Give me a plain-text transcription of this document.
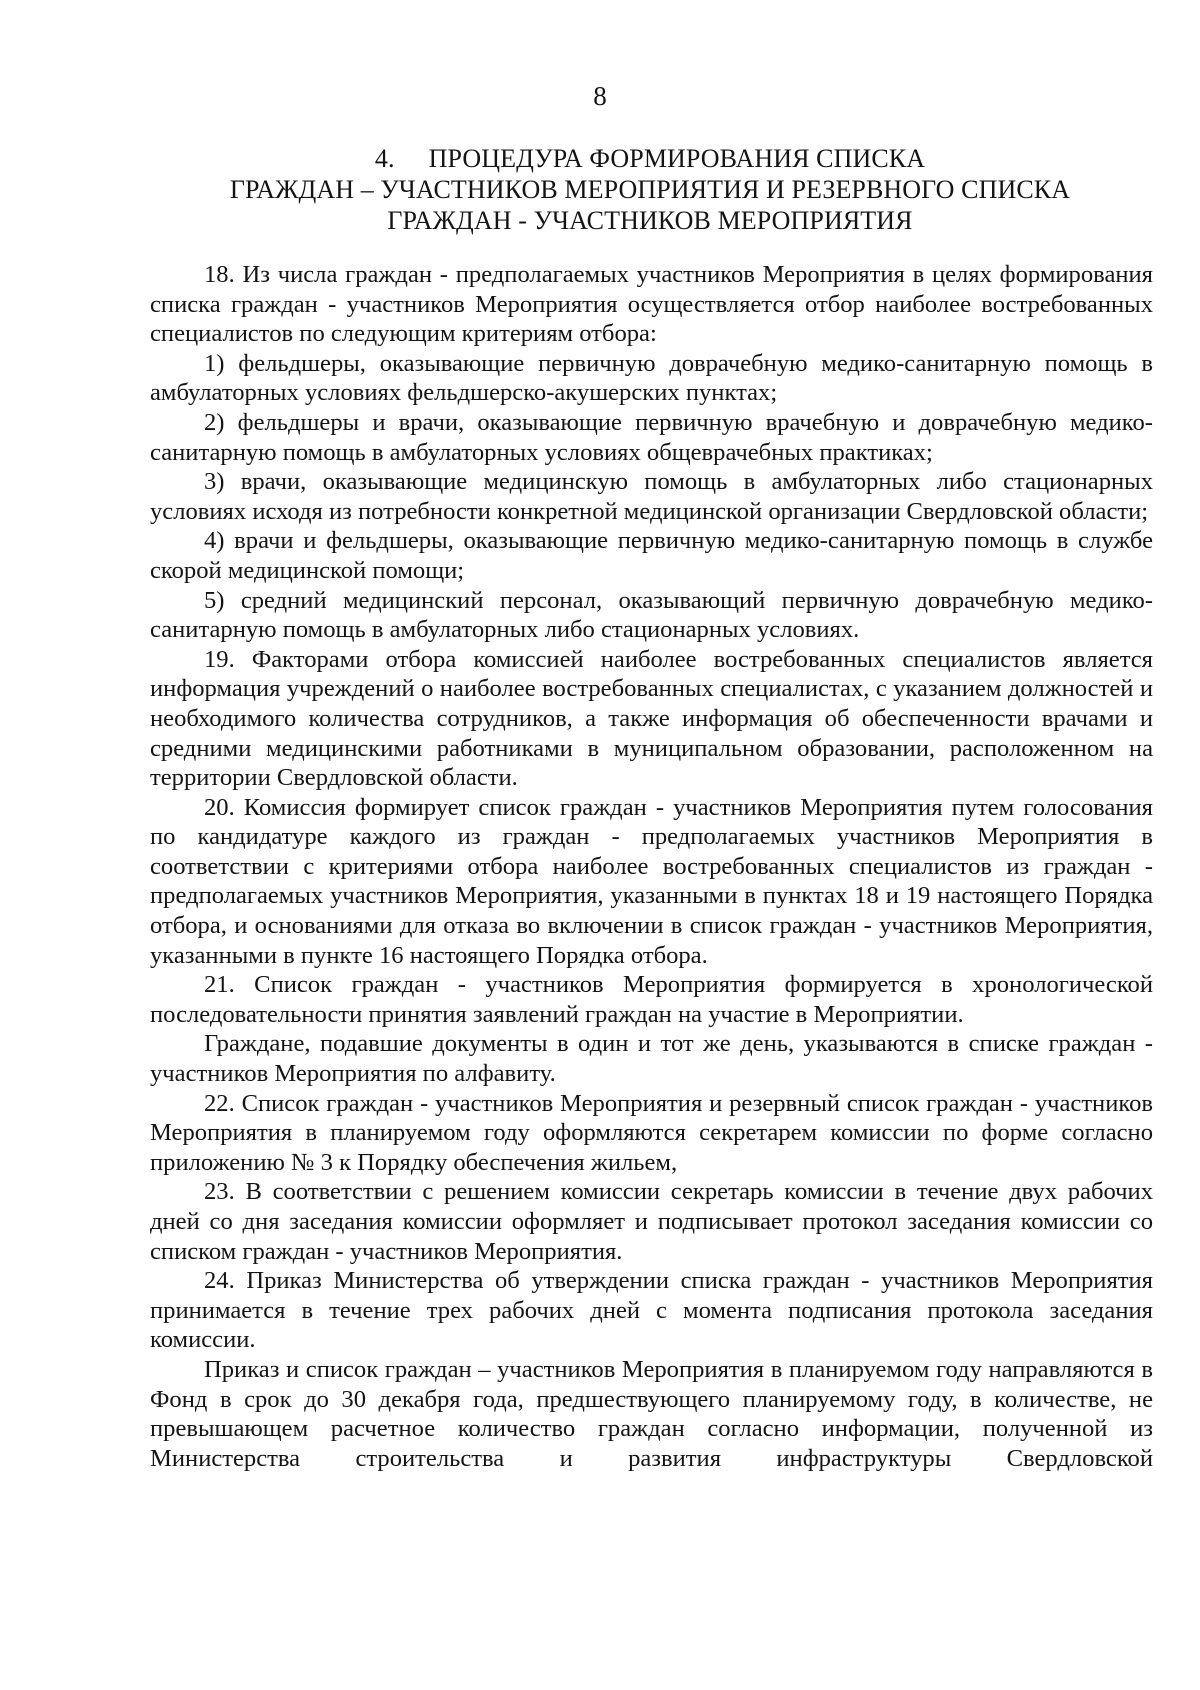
8
4. ПРОЦЕДУРА ФОРМИРОВАНИЯ СПИСКА
ГРАЖДАН – УЧАСТНИКОВ МЕРОПРИЯТИЯ И РЕЗЕРВНОГО СПИСКА
ГРАЖДАН - УЧАСТНИКОВ МЕРОПРИЯТИЯ

18. Из числа граждан - предполагаемых участников Мероприятия в целях формирования списка граждан - участников Мероприятия осуществляется отбор наиболее востребованных специалистов по следующим критериям отбора:

1) фельдшеры, оказывающие первичную доврачебную медико-санитарную помощь в амбулаторных условиях фельдшерско-акушерских пунктах;

2) фельдшеры и врачи, оказывающие первичную врачебную и доврачебную медико-санитарную помощь в амбулаторных условиях общеврачебных практиках;

3) врачи, оказывающие медицинскую помощь в амбулаторных либо стационарных условиях исходя из потребности конкретной медицинской организации Свердловской области;

4) врачи и фельдшеры, оказывающие первичную медико-санитарную помощь в службе скорой медицинской помощи;

5) средний медицинский персонал, оказывающий первичную доврачебную медико-санитарную помощь в амбулаторных либо стационарных условиях.

19. Факторами отбора комиссией наиболее востребованных специалистов является информация учреждений о наиболее востребованных специалистах, с указанием должностей и необходимого количества сотрудников, а также информация об обеспеченности врачами и средними медицинскими работниками в муниципальном образовании, расположенном на территории Свердловской области.

20. Комиссия формирует список граждан - участников Мероприятия путем голосования по кандидатуре каждого из граждан - предполагаемых участников Мероприятия в соответствии с критериями отбора наиболее востребованных специалистов из граждан - предполагаемых участников Мероприятия, указанными в пунктах 18 и 19 настоящего Порядка отбора, и основаниями для отказа во включении в список граждан - участников Мероприятия, указанными в пункте 16 настоящего Порядка отбора.

21. Список граждан - участников Мероприятия формируется в хронологической последовательности принятия заявлений граждан на участие в Мероприятии.

Граждане, подавшие документы в один и тот же день, указываются в списке граждан - участников Мероприятия по алфавиту.

22. Список граждан - участников Мероприятия и резервный список граждан - участников Мероприятия в планируемом году оформляются секретарем комиссии по форме согласно приложению № 3 к Порядку обеспечения жильем,

23. В соответствии с решением комиссии секретарь комиссии в течение двух рабочих дней со дня заседания комиссии оформляет и подписывает протокол заседания комиссии со списком граждан - участников Мероприятия.

24. Приказ Министерства об утверждении списка граждан - участников Мероприятия принимается в течение трех рабочих дней с момента подписания протокола заседания комиссии.

Приказ и список граждан – участников Мероприятия в планируемом году направляются в Фонд в срок до 30 декабря года, предшествующего планируемому году, в количестве, не превышающем расчетное количество граждан согласно информации, полученной из Министерства строительства и развития инфраструктуры Свердловской
